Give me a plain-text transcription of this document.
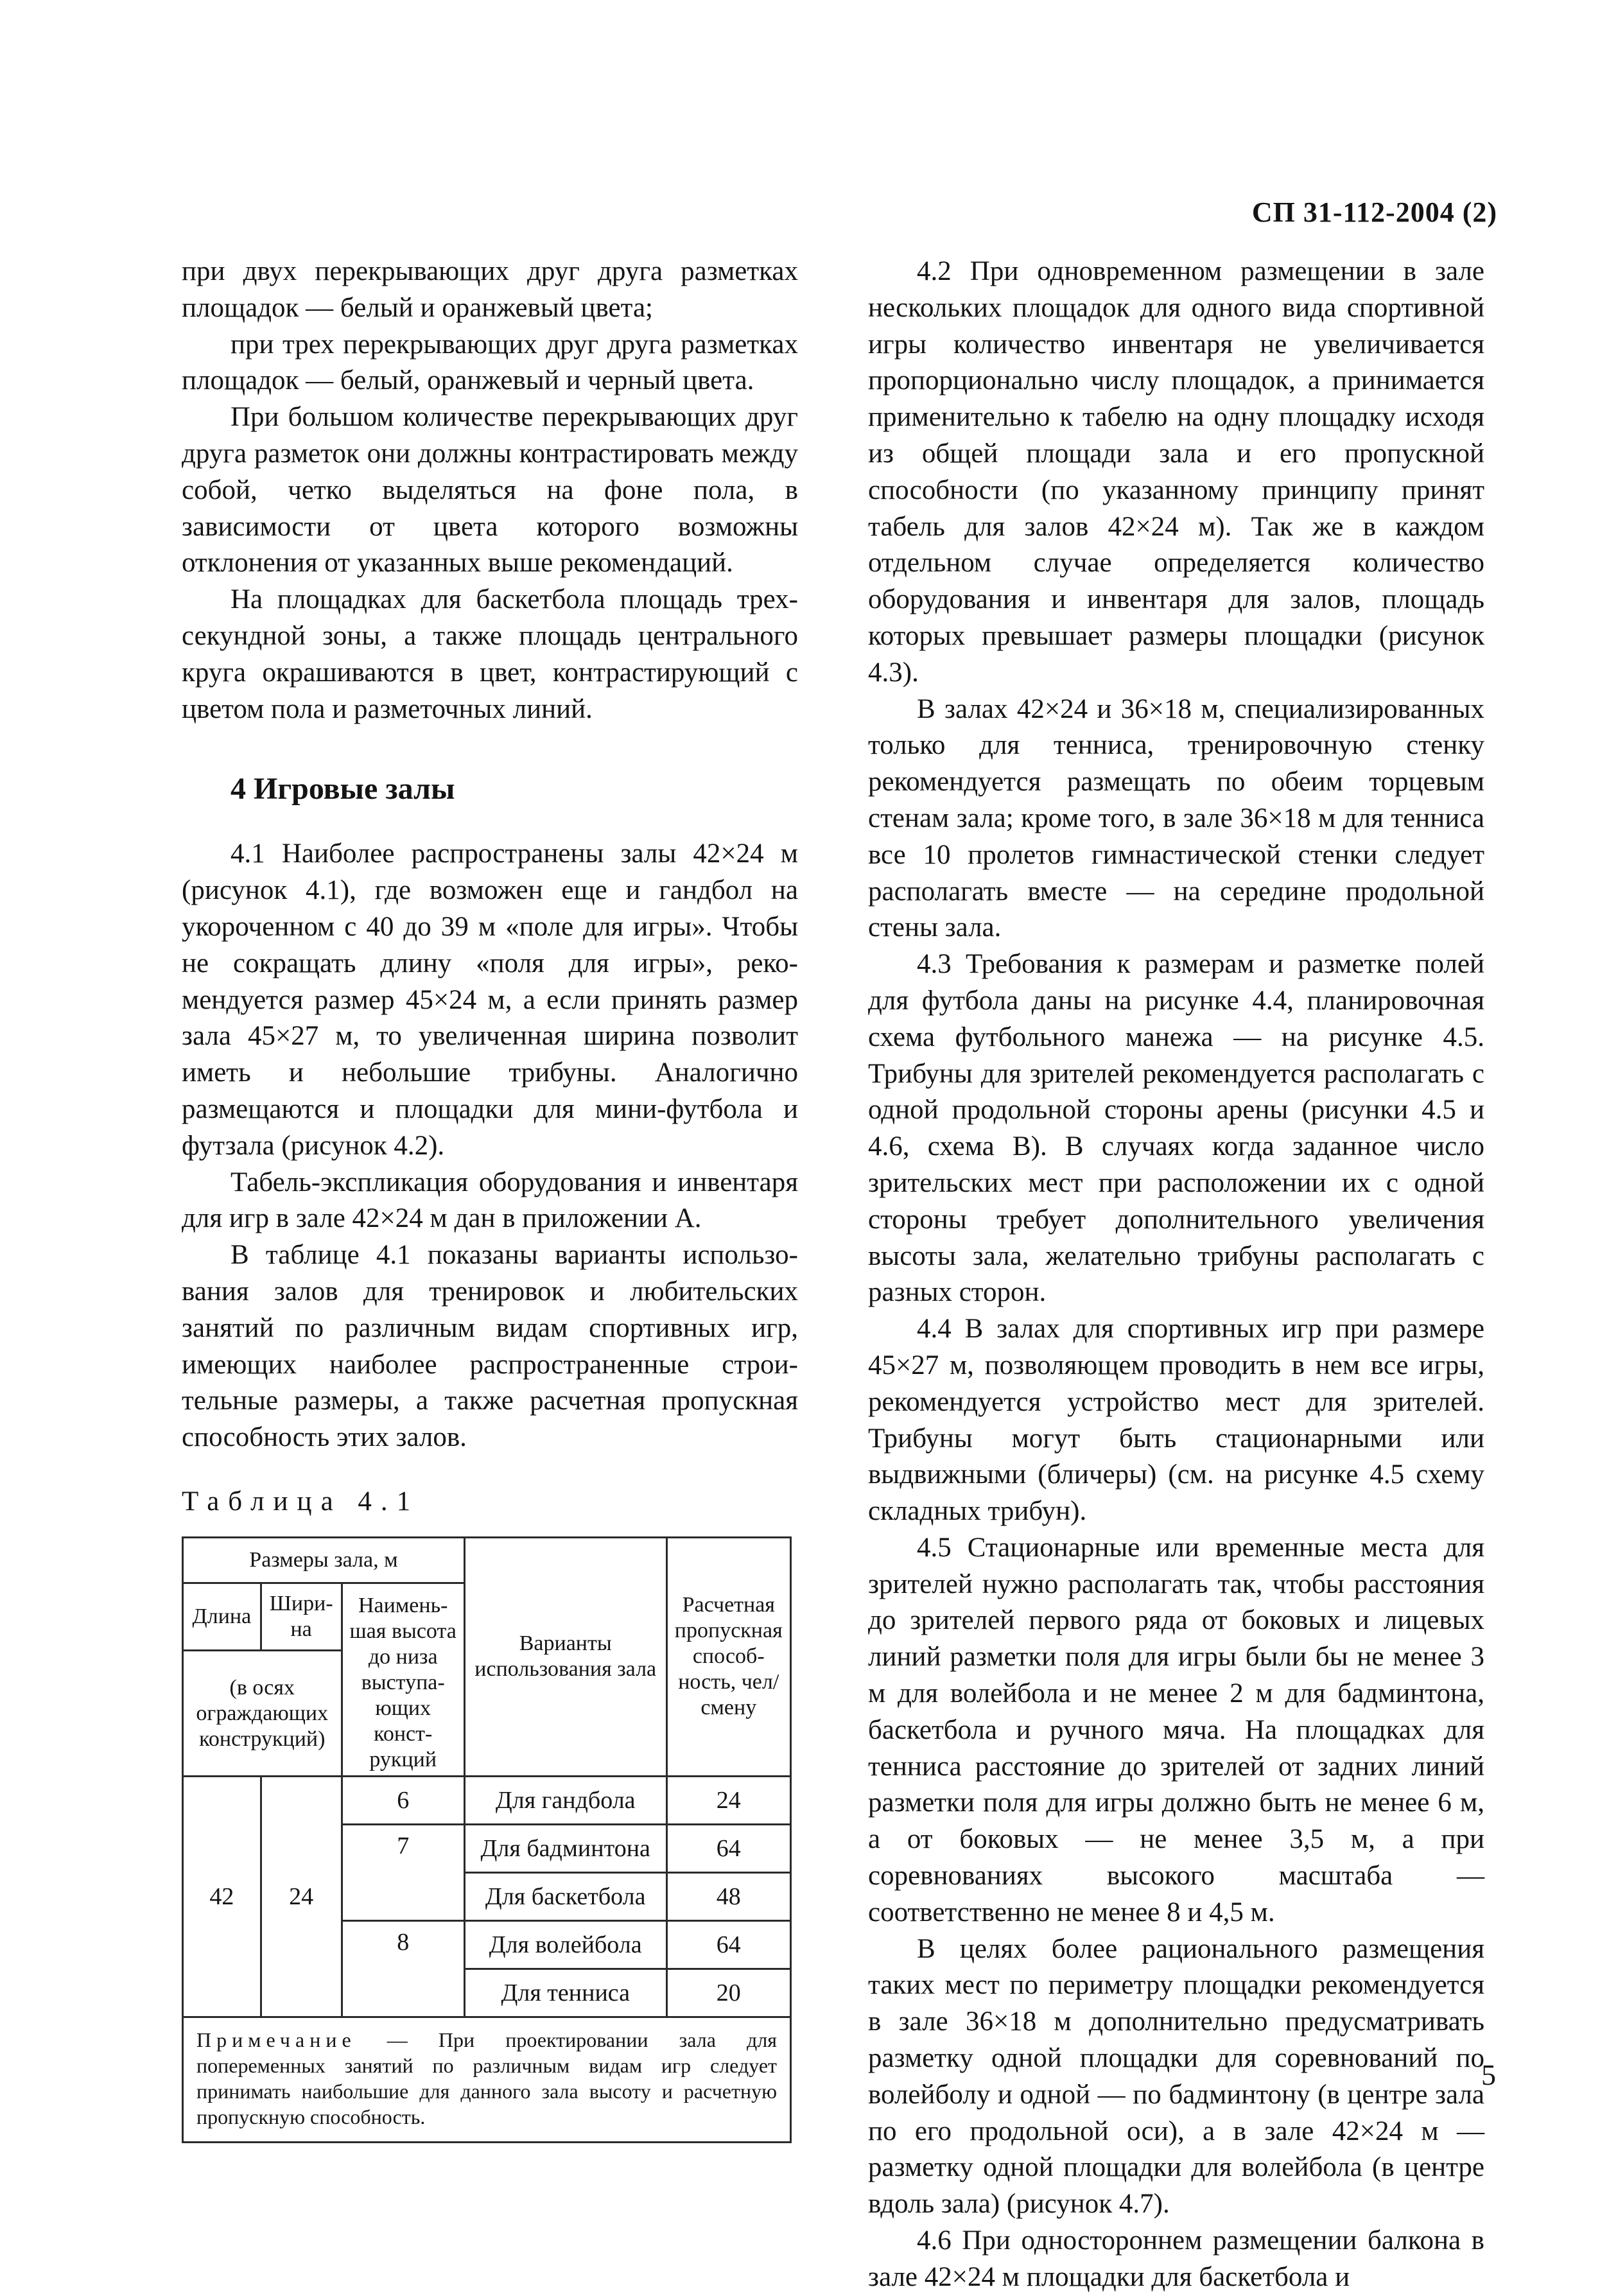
СП 31-112-2004 (2)

при двух перекрывающих друг друга разметках площадок — белый и оранжевый цвета;

при трех перекрывающих друг друга разметках площадок — белый, оранжевый и черный цвета.

При большом количестве перекрывающих друг друга разметок они должны контрастировать между собой, четко выделяться на фоне пола, в зависимости от цвета которого возможны отклонения от указанных выше рекомендаций.

На площадках для баскетбола площадь трехсекундной зоны, а также площадь центрального круга окрашиваются в цвет, контрастирующий с цветом пола и разметочных линий.

4 Игровые залы

4.1 Наиболее распространены залы 42×24 м (рисунок 4.1), где возможен еще и гандбол на укороченном с 40 до 39 м «поле для игры». Чтобы не сокращать длину «поля для игры», рекомендуется размер 45×24 м, а если принять размер зала 45×27 м, то увеличенная ширина позволит иметь и небольшие трибуны. Аналогично размещаются и площадки для мини-футбола и футзала (рисунок 4.2).

Табель-экспликация оборудования и инвентаря для игр в зале 42×24 м дан в приложении А.

В таблице 4.1 показаны варианты использования залов для тренировок и любительских занятий по различным видам спортивных игр, имеющих наиболее распространенные строительные размеры, а также расчетная пропускная способность этих залов.

Таблица 4.1
Размеры зала, м			Варианты использования зала	Расчетная пропускная способность, чел/смену
Длина	Ширина	Наименьшая высота до низа выступающих конструкций		
(в осях ограждающих конструкций)				
42	24	6	Для гандбола	24
		7	Для бадминтона	64
			Для баскетбола	48
		8	Для волейбола	64
			Для тенниса	20
Примечание — При проектировании зала для попеременных занятий по различным видам игр следует принимать наибольшие для данного зала высоту и расчетную пропускную способность.				

4.2 При одновременном размещении в зале нескольких площадок для одного вида спортивной игры количество инвентаря не увеличивается пропорционально числу площадок, а принимается применительно к табелю на одну площадку исходя из общей площади зала и его пропускной способности (по указанному принципу принят табель для залов 42×24 м). Так же в каждом отдельном случае определяется количество оборудования и инвентаря для залов, площадь которых превышает размеры площадки (рисунок 4.3).

В залах 42×24 и 36×18 м, специализированных только для тенниса, тренировочную стенку рекомендуется размещать по обеим торцевым стенам зала; кроме того, в зале 36×18 м для тенниса все 10 пролетов гимнастической стенки следует располагать вместе — на середине продольной стены зала.

4.3 Требования к размерам и разметке полей для футбола даны на рисунке 4.4, планировочная схема футбольного манежа — на рисунке 4.5. Трибуны для зрителей рекомендуется располагать с одной продольной стороны арены (рисунки 4.5 и 4.6, схема В). В случаях когда заданное число зрительских мест при расположении их с одной стороны требует дополнительного увеличения высоты зала, желательно трибуны располагать с разных сторон.

4.4 В залах для спортивных игр при размере 45×27 м, позволяющем проводить в нем все игры, рекомендуется устройство мест для зрителей. Трибуны могут быть стационарными или выдвижными (бличеры) (см. на рисунке 4.5 схему складных трибун).

4.5 Стационарные или временные места для зрителей нужно располагать так, чтобы расстояния до зрителей первого ряда от боковых и лицевых линий разметки поля для игры были бы не менее 3 м для волейбола и не менее 2 м для бадминтона, баскетбола и ручного мяча. На площадках для тенниса расстояние до зрителей от задних линий разметки поля для игры должно быть не менее 6 м, а от боковых — не менее 3,5 м, а при соревнованиях высокого масштаба — соответственно не менее 8 и 4,5 м.

В целях более рационального размещения таких мест по периметру площадки рекомендуется в зале 36×18 м дополнительно предусматривать разметку одной площадки для соревнований по волейболу и одной — по бадминтону (в центре зала по его продольной оси), а в зале 42×24 м — разметку одной площадки для волейбола (в центре вдоль зала) (рисунок 4.7).

4.6 При одностороннем размещении балкона в зале 42×24 м площадки для баскетбола и

5
